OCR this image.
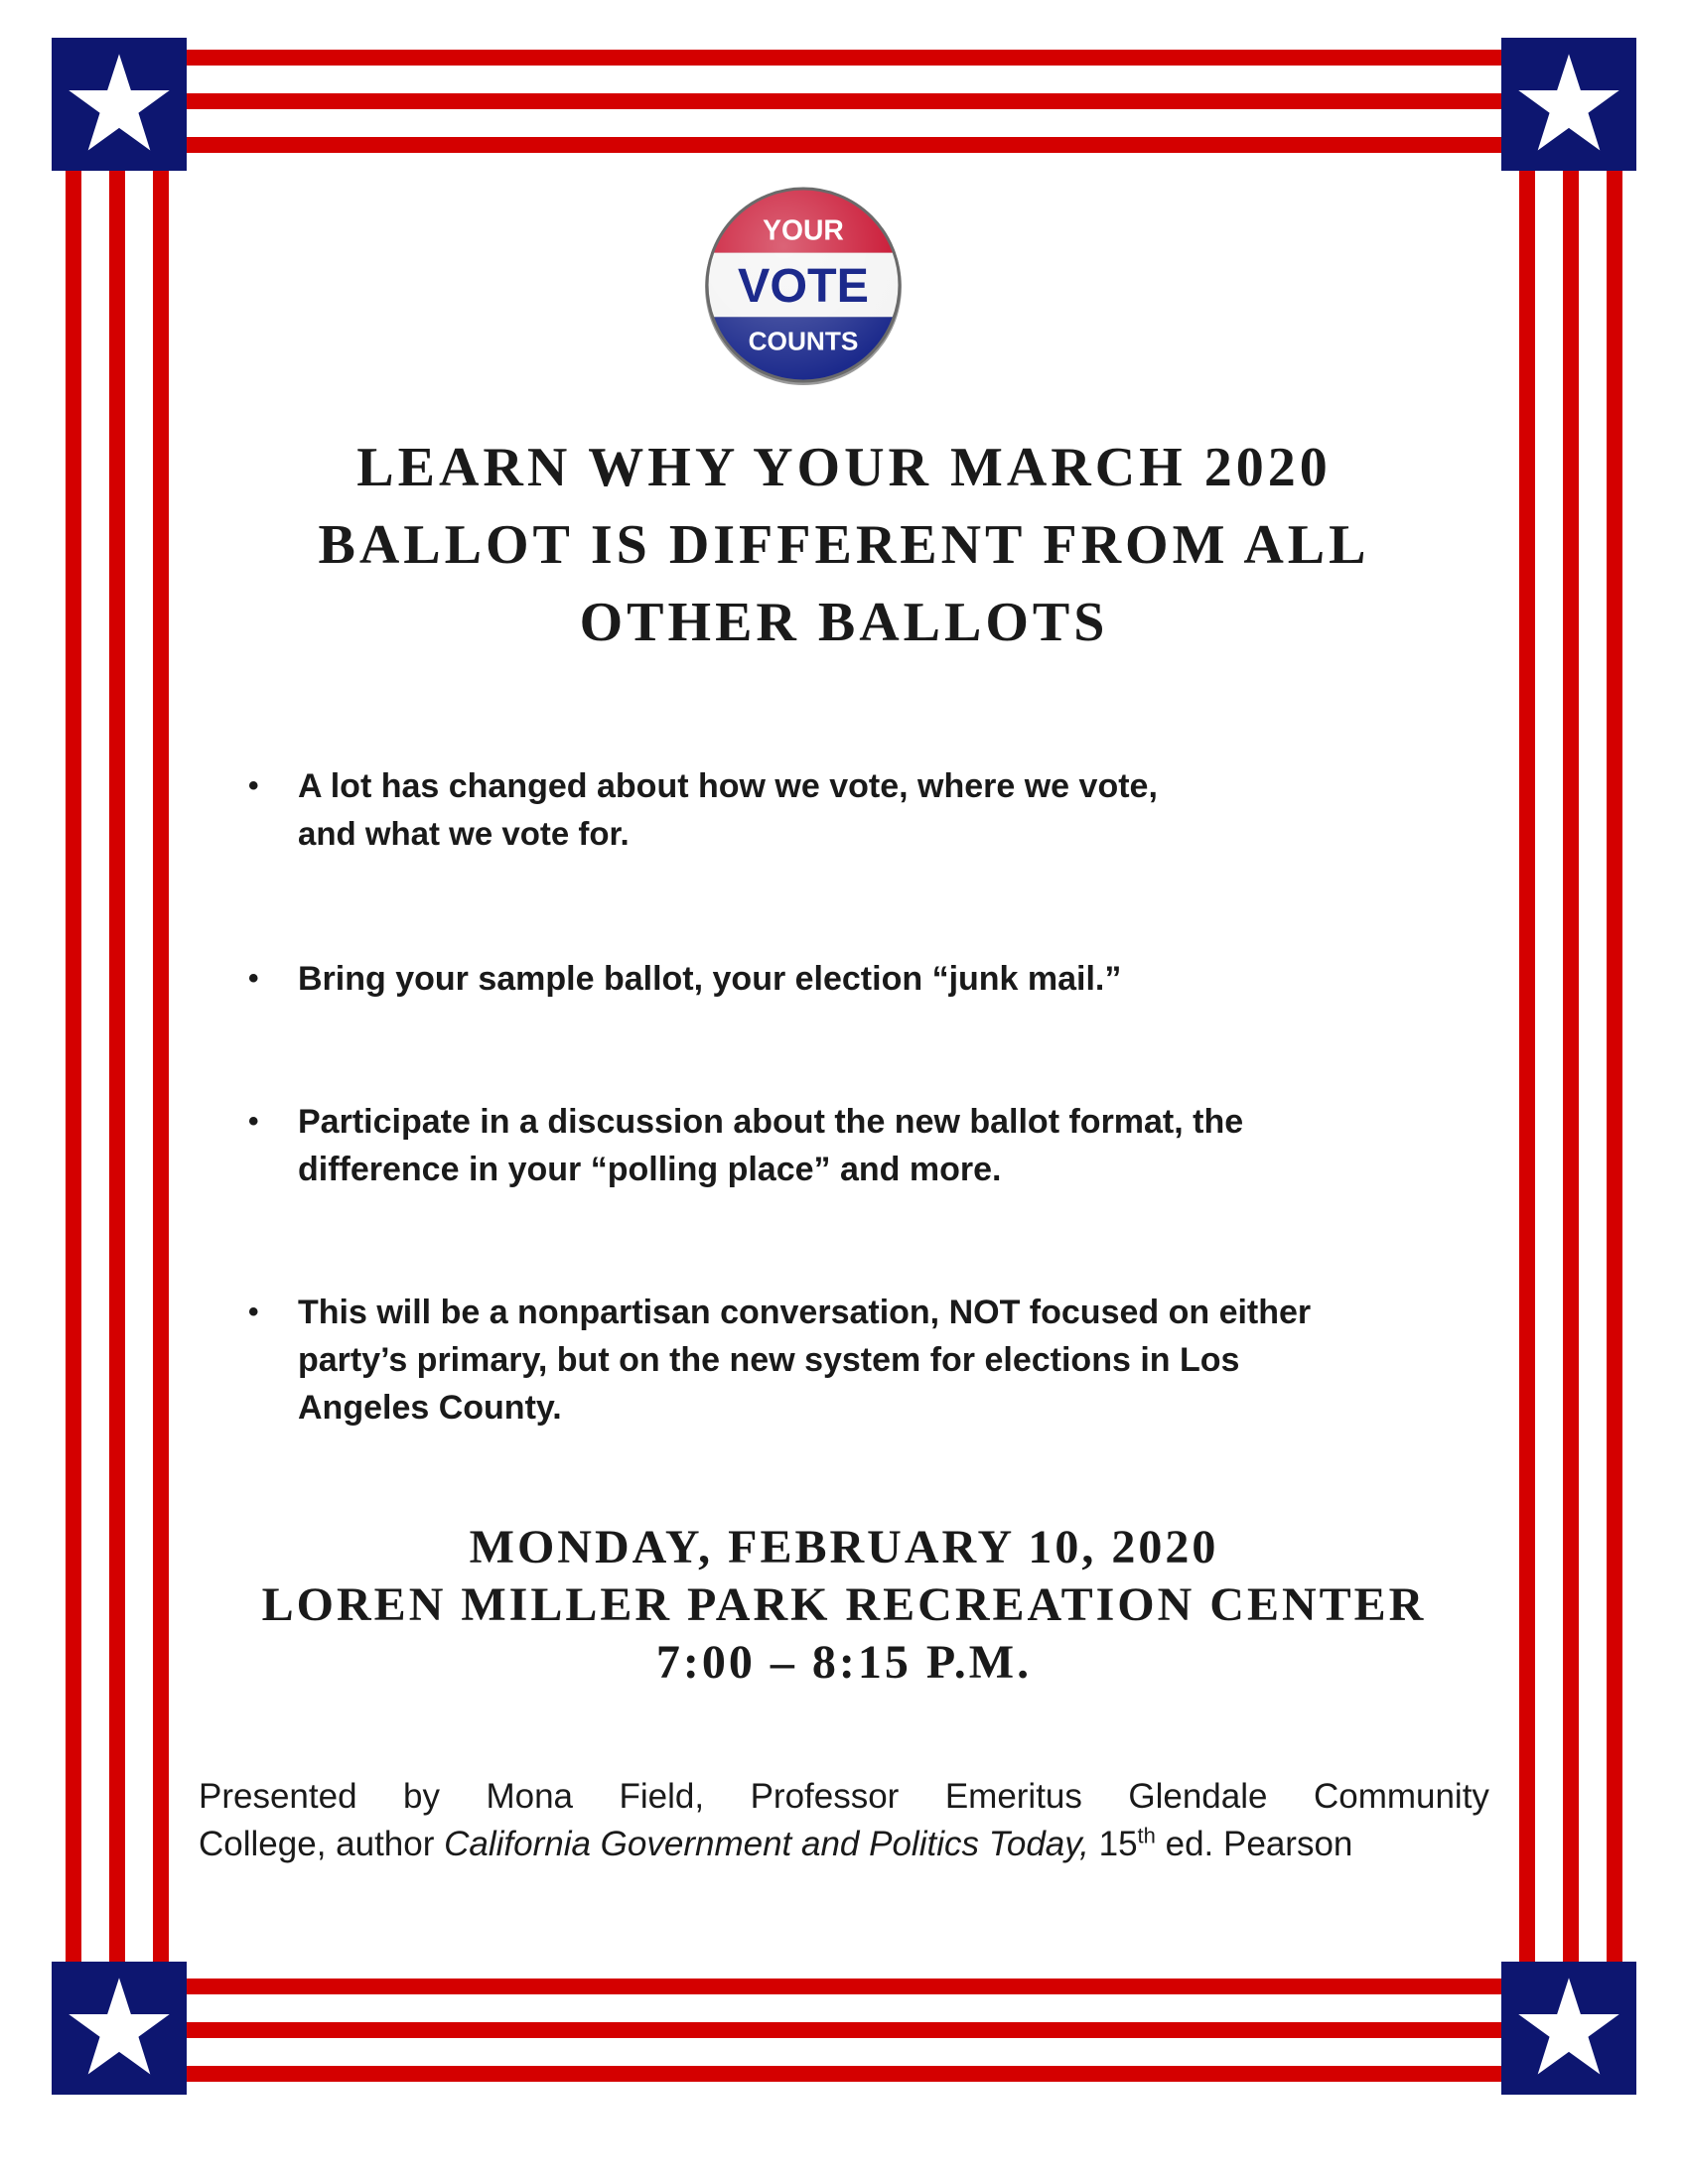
YOUR
VOTE
COUNTS
LEARN WHY YOUR MARCH 2020
BALLOT IS DIFFERENT FROM ALL
OTHER BALLOTS
• A lot has changed about how we vote, where we vote,
and what we vote for.
• Bring your sample ballot, your election “junk mail.”
• Participate in a discussion about the new ballot format, the
difference in your “polling place” and more.
• This will be a nonpartisan conversation, NOT focused on either
party’s primary, but on the new system for elections in Los
Angeles County.
MONDAY, FEBRUARY 10, 2020
LOREN MILLER PARK RECREATION CENTER
7:00 – 8:15 P.M.
Presented by Mona Field, Professor Emeritus Glendale Community
College, author California Government and Politics Today, 15th ed. Pearson
